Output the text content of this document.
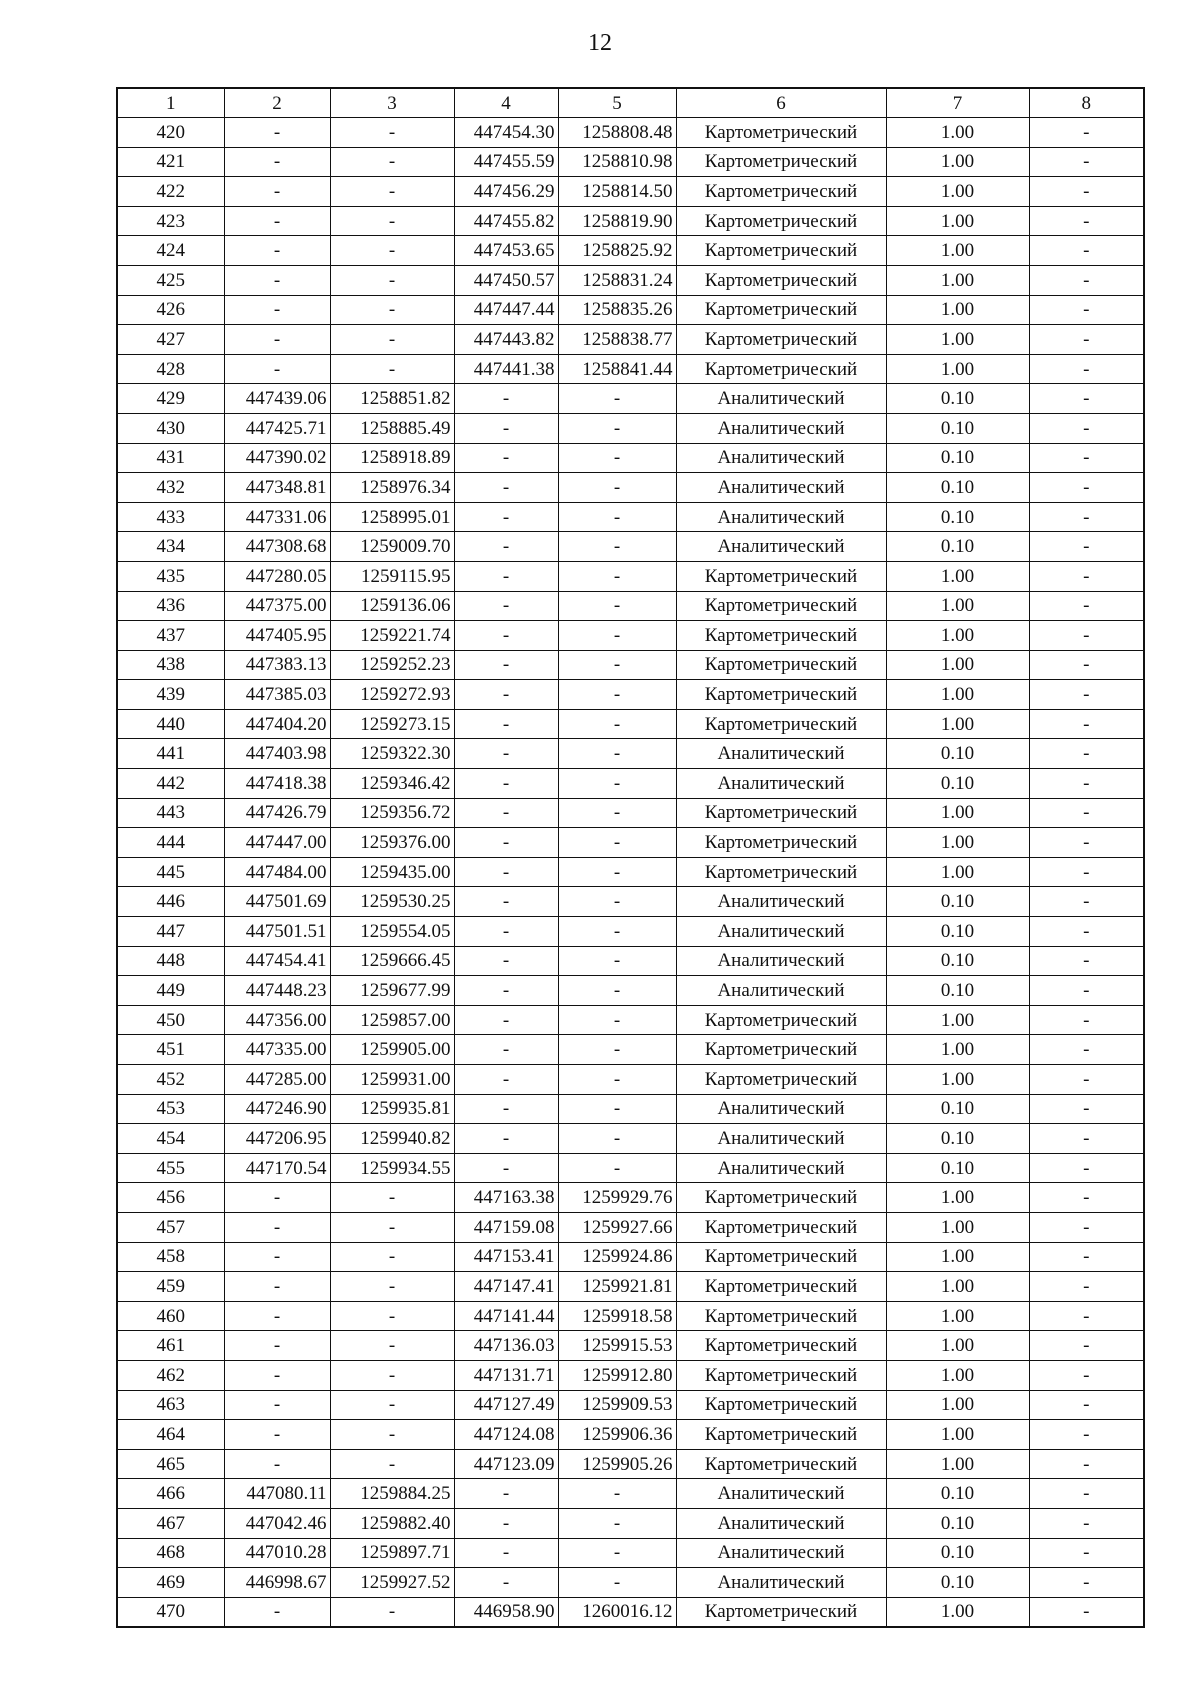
12
1	2	3	4	5	6	7	8
420	-	-	447454.30	1258808.48	Картометрический	1.00	-
421	-	-	447455.59	1258810.98	Картометрический	1.00	-
422	-	-	447456.29	1258814.50	Картометрический	1.00	-
423	-	-	447455.82	1258819.90	Картометрический	1.00	-
424	-	-	447453.65	1258825.92	Картометрический	1.00	-
425	-	-	447450.57	1258831.24	Картометрический	1.00	-
426	-	-	447447.44	1258835.26	Картометрический	1.00	-
427	-	-	447443.82	1258838.77	Картометрический	1.00	-
428	-	-	447441.38	1258841.44	Картометрический	1.00	-
429	447439.06	1258851.82	-	-	Аналитический	0.10	-
430	447425.71	1258885.49	-	-	Аналитический	0.10	-
431	447390.02	1258918.89	-	-	Аналитический	0.10	-
432	447348.81	1258976.34	-	-	Аналитический	0.10	-
433	447331.06	1258995.01	-	-	Аналитический	0.10	-
434	447308.68	1259009.70	-	-	Аналитический	0.10	-
435	447280.05	1259115.95	-	-	Картометрический	1.00	-
436	447375.00	1259136.06	-	-	Картометрический	1.00	-
437	447405.95	1259221.74	-	-	Картометрический	1.00	-
438	447383.13	1259252.23	-	-	Картометрический	1.00	-
439	447385.03	1259272.93	-	-	Картометрический	1.00	-
440	447404.20	1259273.15	-	-	Картометрический	1.00	-
441	447403.98	1259322.30	-	-	Аналитический	0.10	-
442	447418.38	1259346.42	-	-	Аналитический	0.10	-
443	447426.79	1259356.72	-	-	Картометрический	1.00	-
444	447447.00	1259376.00	-	-	Картометрический	1.00	-
445	447484.00	1259435.00	-	-	Картометрический	1.00	-
446	447501.69	1259530.25	-	-	Аналитический	0.10	-
447	447501.51	1259554.05	-	-	Аналитический	0.10	-
448	447454.41	1259666.45	-	-	Аналитический	0.10	-
449	447448.23	1259677.99	-	-	Аналитический	0.10	-
450	447356.00	1259857.00	-	-	Картометрический	1.00	-
451	447335.00	1259905.00	-	-	Картометрический	1.00	-
452	447285.00	1259931.00	-	-	Картометрический	1.00	-
453	447246.90	1259935.81	-	-	Аналитический	0.10	-
454	447206.95	1259940.82	-	-	Аналитический	0.10	-
455	447170.54	1259934.55	-	-	Аналитический	0.10	-
456	-	-	447163.38	1259929.76	Картометрический	1.00	-
457	-	-	447159.08	1259927.66	Картометрический	1.00	-
458	-	-	447153.41	1259924.86	Картометрический	1.00	-
459	-	-	447147.41	1259921.81	Картометрический	1.00	-
460	-	-	447141.44	1259918.58	Картометрический	1.00	-
461	-	-	447136.03	1259915.53	Картометрический	1.00	-
462	-	-	447131.71	1259912.80	Картометрический	1.00	-
463	-	-	447127.49	1259909.53	Картометрический	1.00	-
464	-	-	447124.08	1259906.36	Картометрический	1.00	-
465	-	-	447123.09	1259905.26	Картометрический	1.00	-
466	447080.11	1259884.25	-	-	Аналитический	0.10	-
467	447042.46	1259882.40	-	-	Аналитический	0.10	-
468	447010.28	1259897.71	-	-	Аналитический	0.10	-
469	446998.67	1259927.52	-	-	Аналитический	0.10	-
470	-	-	446958.90	1260016.12	Картометрический	1.00	-
